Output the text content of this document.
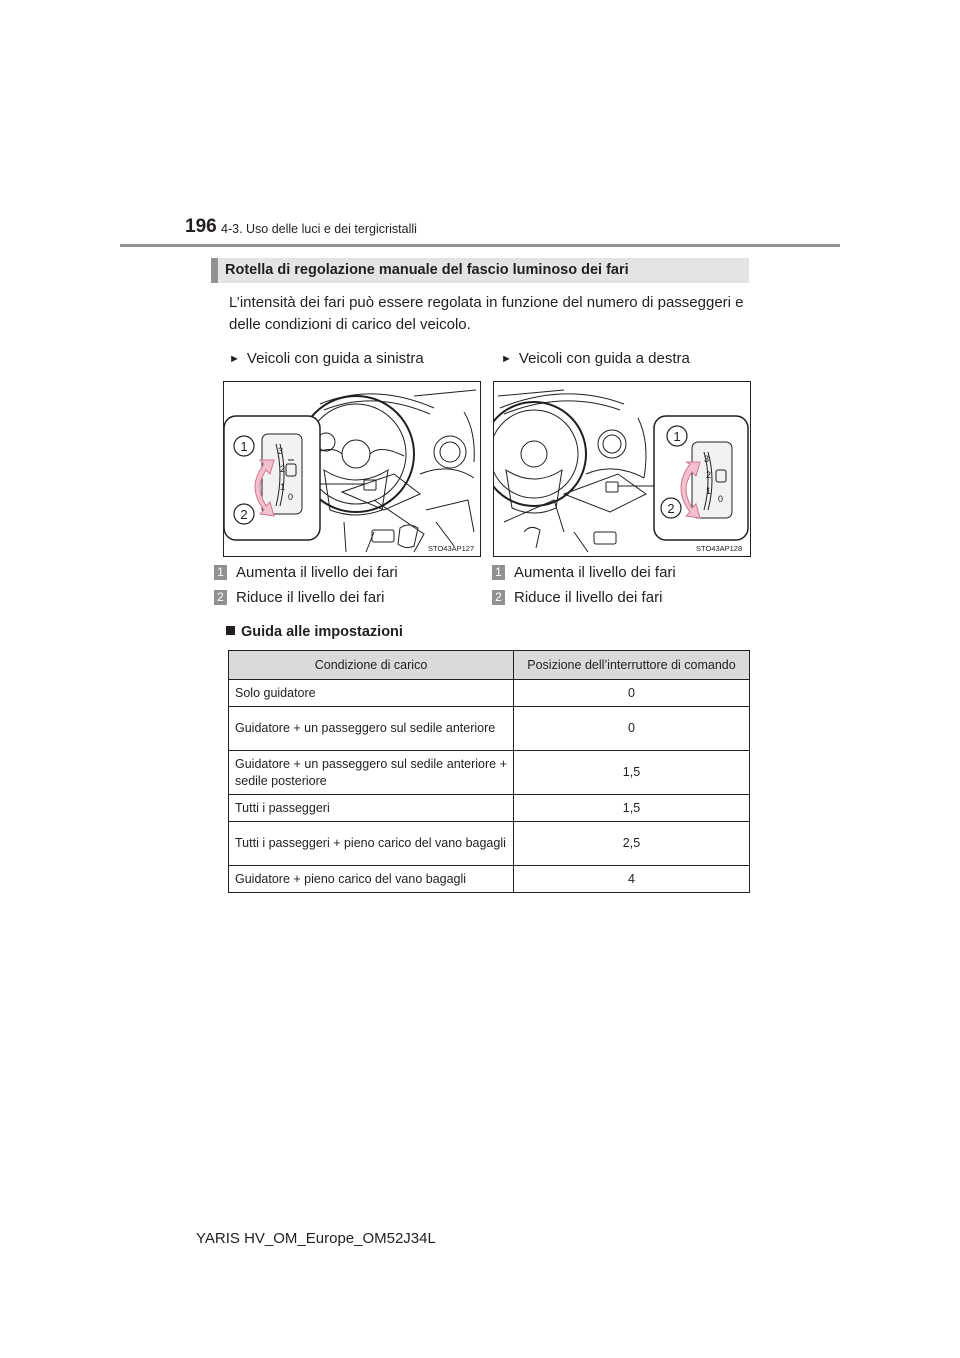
196 4-3. Uso delle luci e dei tergicristalli
Rotella di regolazione manuale del fascio luminoso dei fari
L’intensità dei fari può essere regolata in funzione del numero di passeggeri e delle condizioni di carico del veicolo.
► Veicoli con guida a sinistra	► Veicoli con guida a destra
3
2
1
0
1
2
STO43AP127
3
2
1
0
1
2
STO43AP128
1 Aumenta il livello dei fari
2 Riduce il livello dei fari
1 Aumenta il livello dei fari
2 Riduce il livello dei fari
Guida alle impostazioni
Condizione di carico	Posizione dell’interruttore di comando
Solo guidatore	0
Guidatore + un passeggero sul sedile anteriore	0
Guidatore + un passeggero sul sedile anteriore + sedile posteriore	1,5
Tutti i passeggeri	1,5
Tutti i passeggeri + pieno carico del vano bagagli	2,5
Guidatore + pieno carico del vano bagagli	4
YARIS HV_OM_Europe_OM52J34L
